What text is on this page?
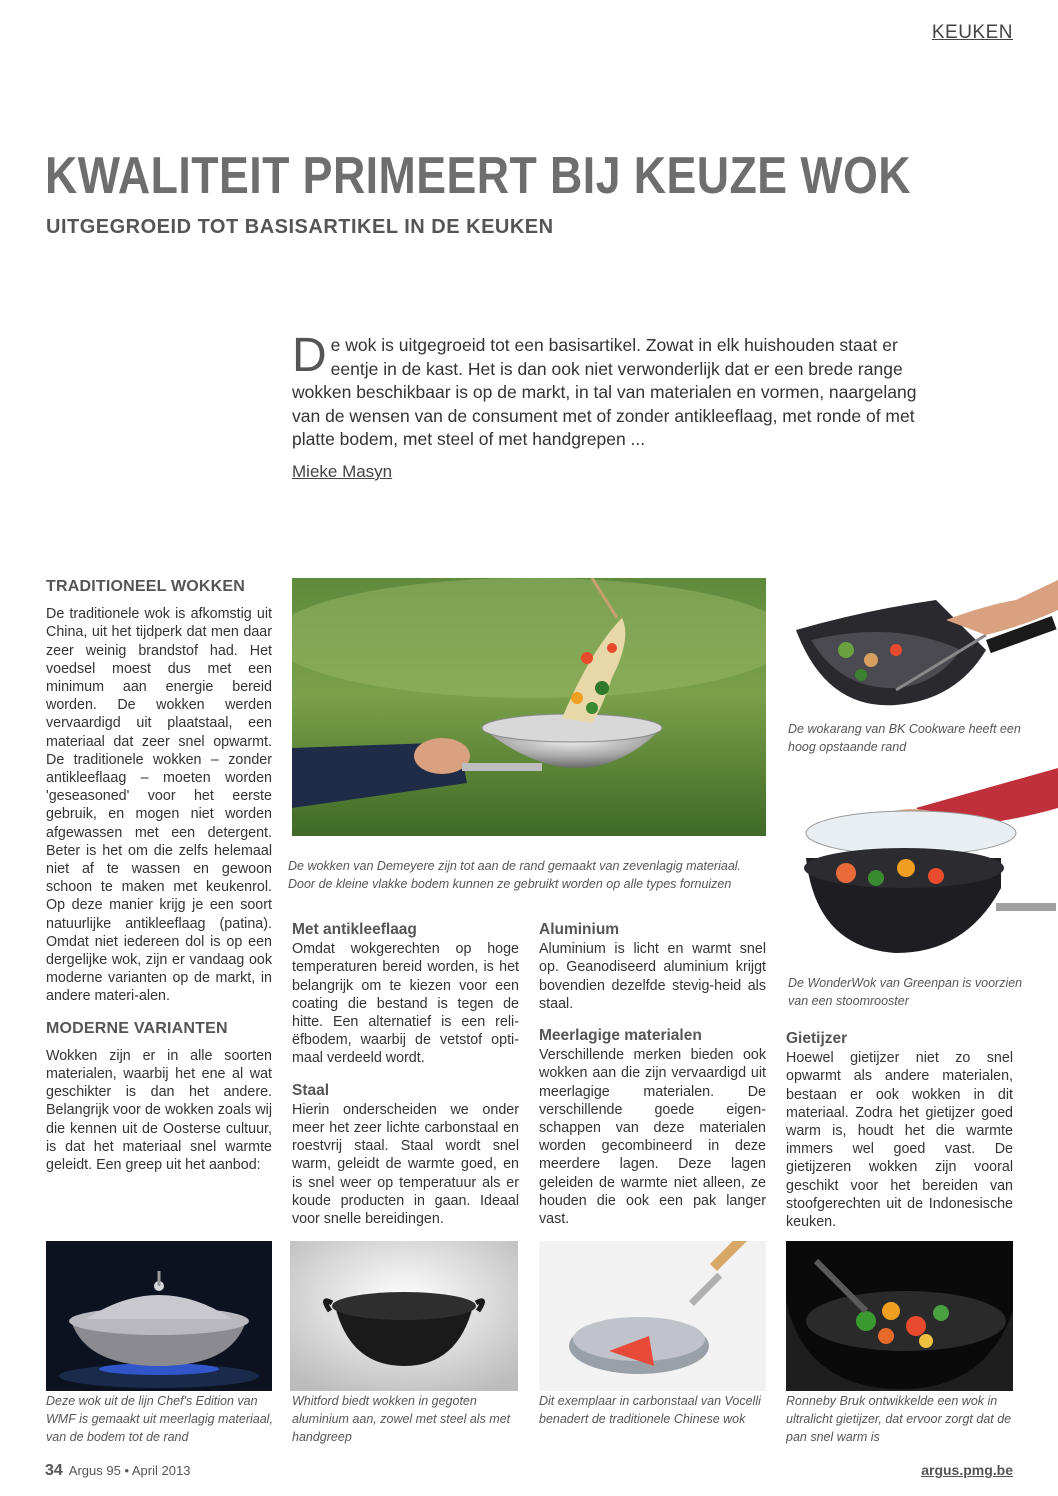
KEUKEN
KWALITEIT PRIMEERT BIJ KEUZE WOK
UITGEGROEID TOT BASISARTIKEL IN DE KEUKEN
De wok is uitgegroeid tot een basisartikel. Zowat in elk huishouden staat er eentje in de kast. Het is dan ook niet verwonderlijk dat er een brede range wokken beschikbaar is op de markt, in tal van materialen en vormen, naargelang van de wensen van de consument met of zonder antikleeflaag, met ronde of met platte bodem, met steel of met handgrepen ...
Mieke Masyn
TRADITIONEEL WOKKEN

De traditionele wok is afkomstig uit China, uit het tijdperk dat men daar zeer weinig brandstof had. Het voedsel moest dus met een minimum aan energie bereid worden. De wokken werden vervaardigd uit plaatstaal, een materiaal dat zeer snel opwarmt. De traditionele wokken – zonder antikleeflaag – moeten worden 'geseasoned' voor het eerste gebruik, en mogen niet worden afgewassen met een detergent. Beter is het om die zelfs helemaal niet af te wassen en gewoon schoon te maken met keukenrol. Op deze manier krijg je een soort natuurlijke antikleeflaag (patina). Omdat niet iedereen dol is op een dergelijke wok, zijn er vandaag ook moderne varianten op de markt, in andere materi-alen.

MODERNE VARIANTEN

Wokken zijn er in alle soorten materialen, waarbij het ene al wat geschikter is dan het andere. Belangrijk voor de wokken zoals wij die kennen uit de Oosterse cultuur, is dat het materiaal snel warmte geleidt. Een greep uit het aanbod:

De wokken van Demeyere zijn tot aan de rand gemaakt van zevenlagig materiaal. Door de kleine vlakke bodem kunnen ze gebruikt worden op alle types fornuizen
De wokarang van BK Cookware heeft een hoog opstaande rand
De WonderWok van Greenpan is voorzien van een stoomrooster
Met antikleeflaag

Omdat wokgerechten op hoge temperaturen bereid worden, is het belangrijk om te kiezen voor een coating die bestand is tegen de hitte. Een alternatief is een reli-ëfbodem, waarbij de vetstof opti-maal verdeeld wordt.

Staal

Hierin onderscheiden we onder meer het zeer lichte carbonstaal en roestvrij staal. Staal wordt snel warm, geleidt de warmte goed, en is snel weer op temperatuur als er koude producten in gaan. Ideaal voor snelle bereidingen.

Aluminium

Aluminium is licht en warmt snel op. Geanodiseerd aluminium krijgt bovendien dezelfde stevig-heid als staal.

Meerlagige materialen

Verschillende merken bieden ook wokken aan die zijn vervaardigd uit meerlagige materialen. De verschillende goede eigen-schappen van deze materialen worden gecombineerd in deze meerdere lagen. Deze lagen geleiden de warmte niet alleen, ze houden die ook een pak langer vast.

Gietijzer

Hoewel gietijzer niet zo snel opwarmt als andere materialen, bestaan er ook wokken in dit materiaal. Zodra het gietijzer goed warm is, houdt het die warmte immers wel goed vast. De gietijzeren wokken zijn vooral geschikt voor het bereiden van stoofgerechten uit de Indonesische keuken.

Deze wok uit de lijn Chef's Edition van WMF is gemaakt uit meerlagig materiaal, van de bodem tot de rand
Whitford biedt wokken in gegoten aluminium aan, zowel met steel als met handgreep
Dit exemplaar in carbonstaal van Vocelli benadert de traditionele Chinese wok
Ronneby Bruk ontwikkelde een wok in ultralicht gietijzer, dat ervoor zorgt dat de pan snel warm is
34 Argus 95 • April 2013	argus.pmg.be
